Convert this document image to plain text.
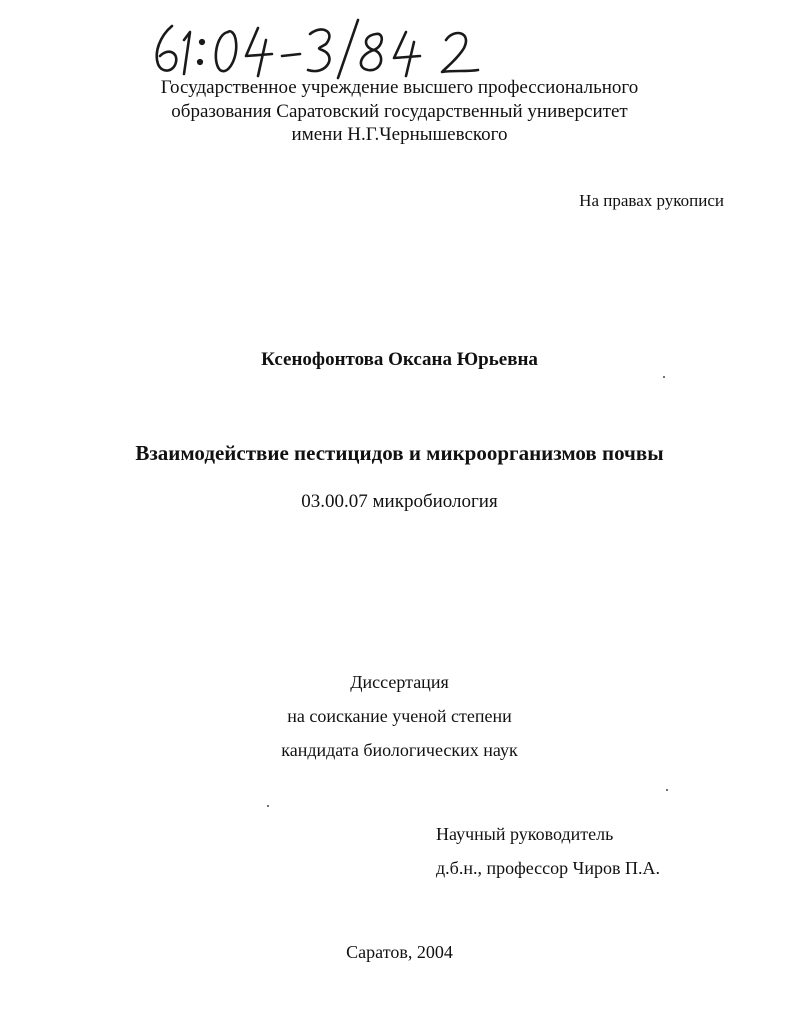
Государственное учреждение высшего профессионального
образования Саратовский государственный университет
имени Н.Г.Чернышевского
На правах рукописи
Ксенофонтова Оксана Юрьевна
Взаимодействие пестицидов и микроорганизмов почвы
03.00.07 микробиология
Диссертация
на соискание ученой степени
кандидата биологических наук
Научный руководитель
д.б.н., профессор Чиров П.А.
Саратов, 2004
